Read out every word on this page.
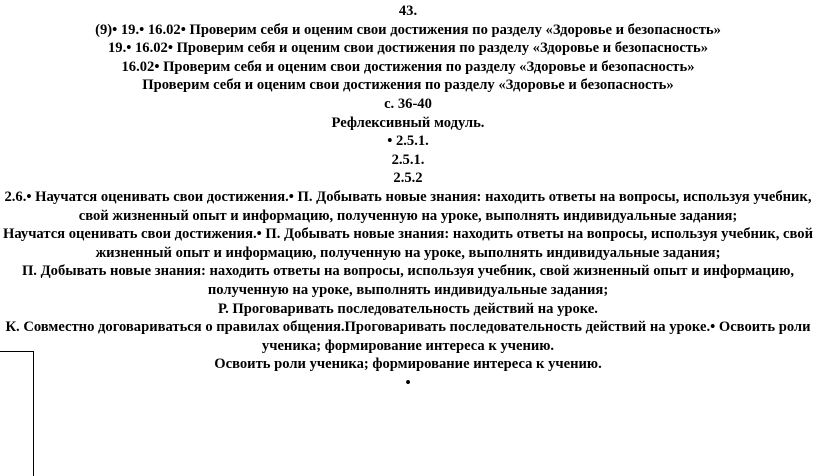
43.

(9)• 19.• 16.02• Проверим себя и оценим свои достижения по разделу «Здоровье и безопасность»

19.• 16.02• Проверим себя и оценим свои достижения по разделу «Здоровье и безопасность»

16.02• Проверим себя и оценим свои достижения по разделу «Здоровье и безопасность»

Проверим себя и оценим свои достижения по разделу «Здоровье и безопасность»

с. 36-40

Рефлексивный модуль.

• 2.5.1.

2.5.1.

2.5.2

2.6.• Научатся оценивать свои достижения.• П. Добывать новые знания: находить ответы на вопросы, используя учебник, свой жизненный опыт и информацию, полученную на уроке, выполнять индивидуальные задания;

Научатся оценивать свои достижения.• П. Добывать новые знания: находить ответы на вопросы, используя учебник, свой жизненный опыт и информацию, полученную на уроке, выполнять индивидуальные задания;

П. Добывать новые знания: находить ответы на вопросы, используя учебник, свой жизненный опыт и информацию, полученную на уроке, выполнять индивидуальные задания;

Р. Проговаривать последовательность действий на уроке.

К. Совместно договариваться о правилах общения.Проговаривать последовательность действий на уроке.• Освоить роли ученика; формирование интереса к учению.

Освоить роли ученика; формирование интереса к учению.

•
